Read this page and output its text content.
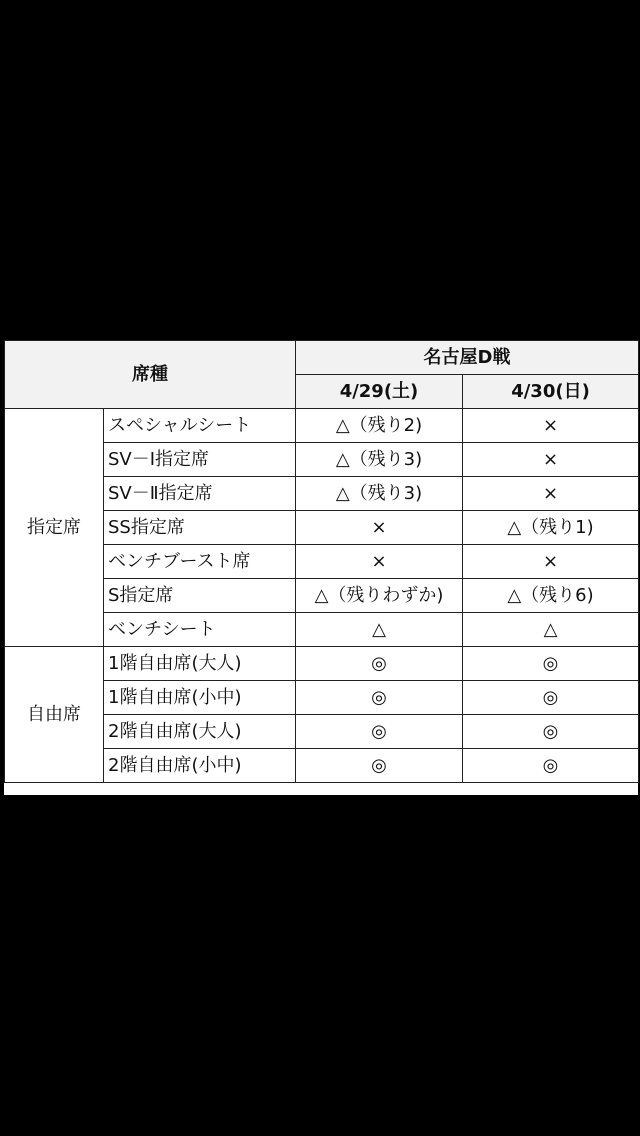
席種		名古屋D戦	
		4/29(土)	4/30(日)
指定席	スペシャルシート	△（残り2)	×
	SV－Ⅰ指定席	△（残り3)	×
	SV－Ⅱ指定席	△（残り3)	×
	SS指定席	×	△（残り1)
	ベンチブースト席	×	×
	S指定席	△（残りわずか)	△（残り6)
	ベンチシート	△	△
自由席	1階自由席(大人)	◎	◎
	1階自由席(小中)	◎	◎
	2階自由席(大人)	◎	◎
	2階自由席(小中)	◎	◎
